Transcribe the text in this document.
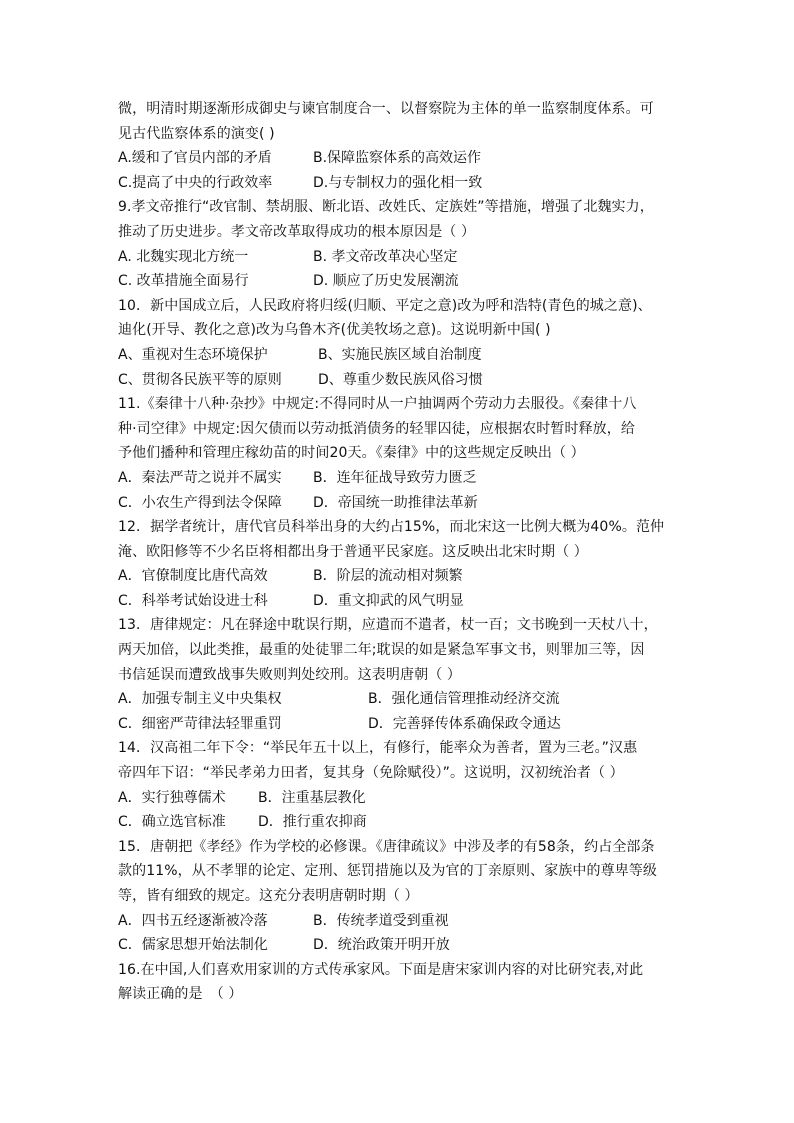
微，明清时期逐渐形成御史与谏官制度合一、以督察院为主体的单一监察制度体系。可
见古代监察体系的演变( )
A.缓和了官员内部的矛盾	B.保障监察体系的高效运作
C.提高了中央的行政效率	D.与专制权力的强化相一致
9.孝文帝推行“改官制、禁胡服、断北语、改姓氏、定族姓”等措施，增强了北魏实力，
推动了历史进步。孝文帝改革取得成功的根本原因是（ ）
A. 北魏实现北方统一	B. 孝文帝改革决心坚定
C. 改革措施全面易行	D. 顺应了历史发展潮流
10．新中国成立后，人民政府将归绥(归顺、平定之意)改为呼和浩特(青色的城之意)、
迪化(开导、教化之意)改为乌鲁木齐(优美牧场之意)。这说明新中国( )
A、重视对生态环境保护	B、实施民族区域自治制度
C、贯彻各民族平等的原则	D、尊重少数民族风俗习惯
11.《秦律十八种·杂抄》中规定:不得同时从一户抽调两个劳动力去服役。《秦律十八
种·司空律》中规定:因欠债而以劳动抵消债务的轻罪囚徒，应根据农时暂时释放，给
予他们播种和管理庄稼幼苗的时间20天。《秦律》中的这些规定反映出（ ）
A．秦法严苛之说并不属实	B．连年征战导致劳力匮乏
C．小农生产得到法令保障	D．帝国统一助推律法革新
12．据学者统计，唐代官员科举出身的大约占15%，而北宋这一比例大概为40%。范仲
淹、欧阳修等不少名臣将相都出身于普通平民家庭。这反映出北宋时期（ ）
A．官僚制度比唐代高效	B．阶层的流动相对频繁
C．科举考试始设进士科	D．重文抑武的风气明显
13．唐律规定：凡在驿途中耽误行期，应遣而不遣者，杖一百；文书晚到一天杖八十，
两天加倍，以此类推，最重的处徒罪二年;耽误的如是紧急军事文书，则罪加三等，因
书信延误而遭致战事失败则判处绞刑。这表明唐朝（ ）
A．加强专制主义中央集权	B．强化通信管理推动经济交流
C．细密严苛律法轻罪重罚	D．完善驿传体系确保政令通达
14．汉高祖二年下令：“举民年五十以上，有修行，能率众为善者，置为三老。”汉惠
帝四年下诏：“举民孝弟力田者，复其身（免除赋役）”。这说明，汉初统治者（ ）
A．实行独尊儒术	B．注重基层教化
C．确立选官标准	D．推行重农抑商
15．唐朝把《孝经》作为学校的必修课。《唐律疏议》中涉及孝的有58条，约占全部条
款的11%，从不孝罪的论定、定刑、惩罚措施以及为官的丁亲原则、家族中的尊卑等级
等，皆有细致的规定。这充分表明唐朝时期（ ）
A．四书五经逐渐被冷落	B．传统孝道受到重视
C．儒家思想开始法制化	D．统治政策开明开放
16.在中国,人们喜欢用家训的方式传承家风。下面是唐宋家训内容的对比研究表,对此
解读正确的是　（ ）
